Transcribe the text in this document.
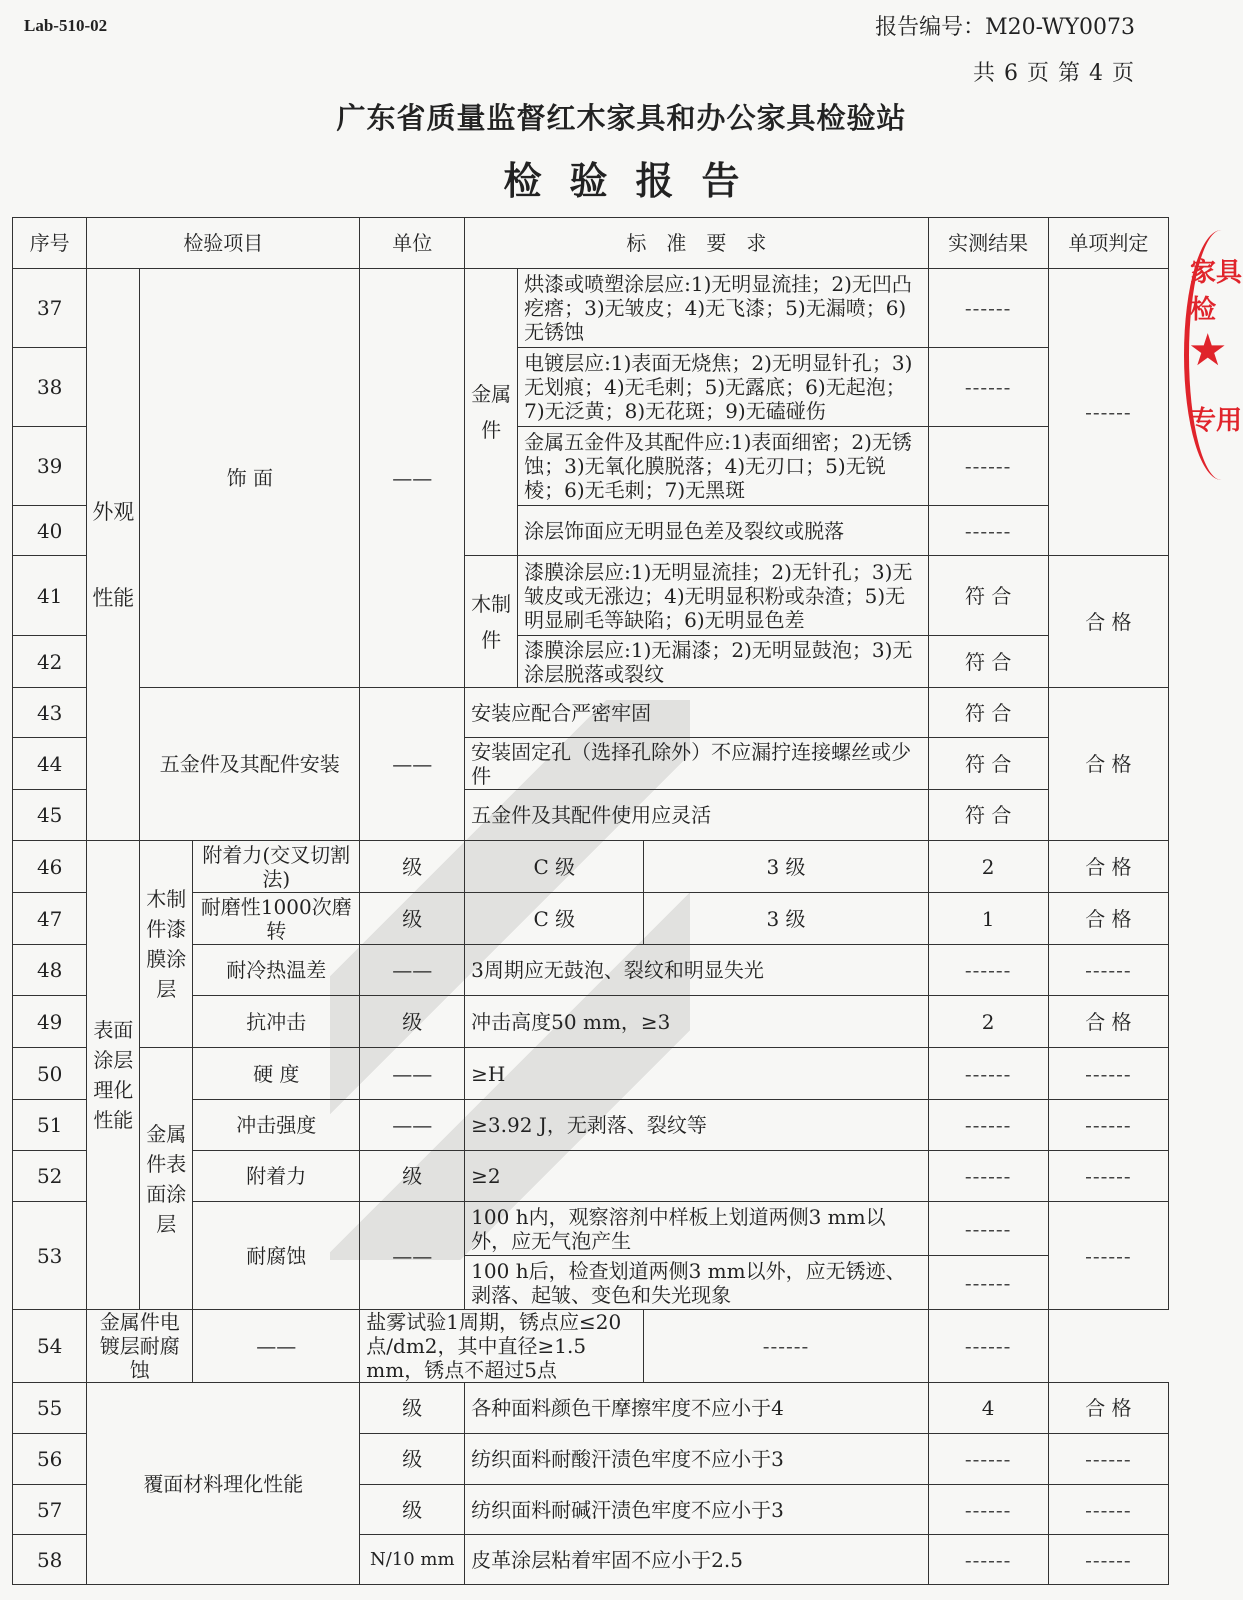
Lab-510-02	报告编号：M20-WY0073
共 6 页 第 4 页
广东省质量监督红木家具和办公家具检验站
检验报告
家具检
★
专用
序号	检验项目			单位	标　准　要　求			实测结果	单项判定
37	外观性能	饰 面		——	金属件	烘漆或喷塑涂层应:1)无明显流挂；2)无凹凸疙瘩；3)无皱皮；4)无飞漆；5)无漏喷；6)无锈蚀		------	------
38						电镀层应:1)表面无烧焦；2)无明显针孔；3)无划痕；4)无毛刺；5)无露底；6)无起泡；7)无泛黄；8)无花斑；9)无磕碰伤		------	
39						金属五金件及其配件应:1)表面细密；2)无锈蚀；3)无氧化膜脱落；4)无刃口；5)无锐棱；6)无毛刺；7)无黑斑		------	
40						涂层饰面应无明显色差及裂纹或脱落		------	
41					木制件	漆膜涂层应:1)无明显流挂；2)无针孔；3)无皱皮或无涨边；4)无明显积粉或杂渣；5)无明显刷毛等缺陷；6)无明显色差		符 合	合 格
42						漆膜涂层应:1)无漏漆；2)无明显鼓泡；3)无涂层脱落或裂纹		符 合	
43		五金件及其配件安装		——	安装应配合严密牢固			符 合	合 格
44					安装固定孔（选择孔除外）不应漏拧连接螺丝或少件			符 合	
45					五金件及其配件使用应灵活			符 合	
46	表面涂层理化性能	木制件漆膜涂层	附着力(交叉切割法)	级	C 级		3 级	2	合 格
47			耐磨性1000次磨转	级	C 级		3 级	1	合 格
48			耐冷热温差	——	3周期应无鼓泡、裂纹和明显失光			------	------
49			抗冲击	级	冲击高度50 mm，≥3			2	合 格
50		金属件表面涂层	硬 度	——	≥H			------	------
51			冲击强度	——	≥3.92 J，无剥落、裂纹等			------	------
52			附着力	级	≥2			------	------
53			耐腐蚀	——	100 h内，观察溶剂中样板上划道两侧3 mm以外，应无气泡产生			------	------
					100 h后，检查划道两侧3 mm以外，应无锈迹、剥落、起皱、变色和失光现象			------	
54	金属件电镀层耐腐蚀		——	盐雾试验1周期，锈点应≤20点/dm2，其中直径≥1.5 mm，锈点不超过5点			------	------	
55	覆面材料理化性能			级	各种面料颜色干摩擦牢度不应小于4			4	合 格
56				级	纺织面料耐酸汗渍色牢度不应小于3			------	------
57				级	纺织面料耐碱汗渍色牢度不应小于3			------	------
58				N/10 mm	皮革涂层粘着牢固不应小于2.5			------	------
